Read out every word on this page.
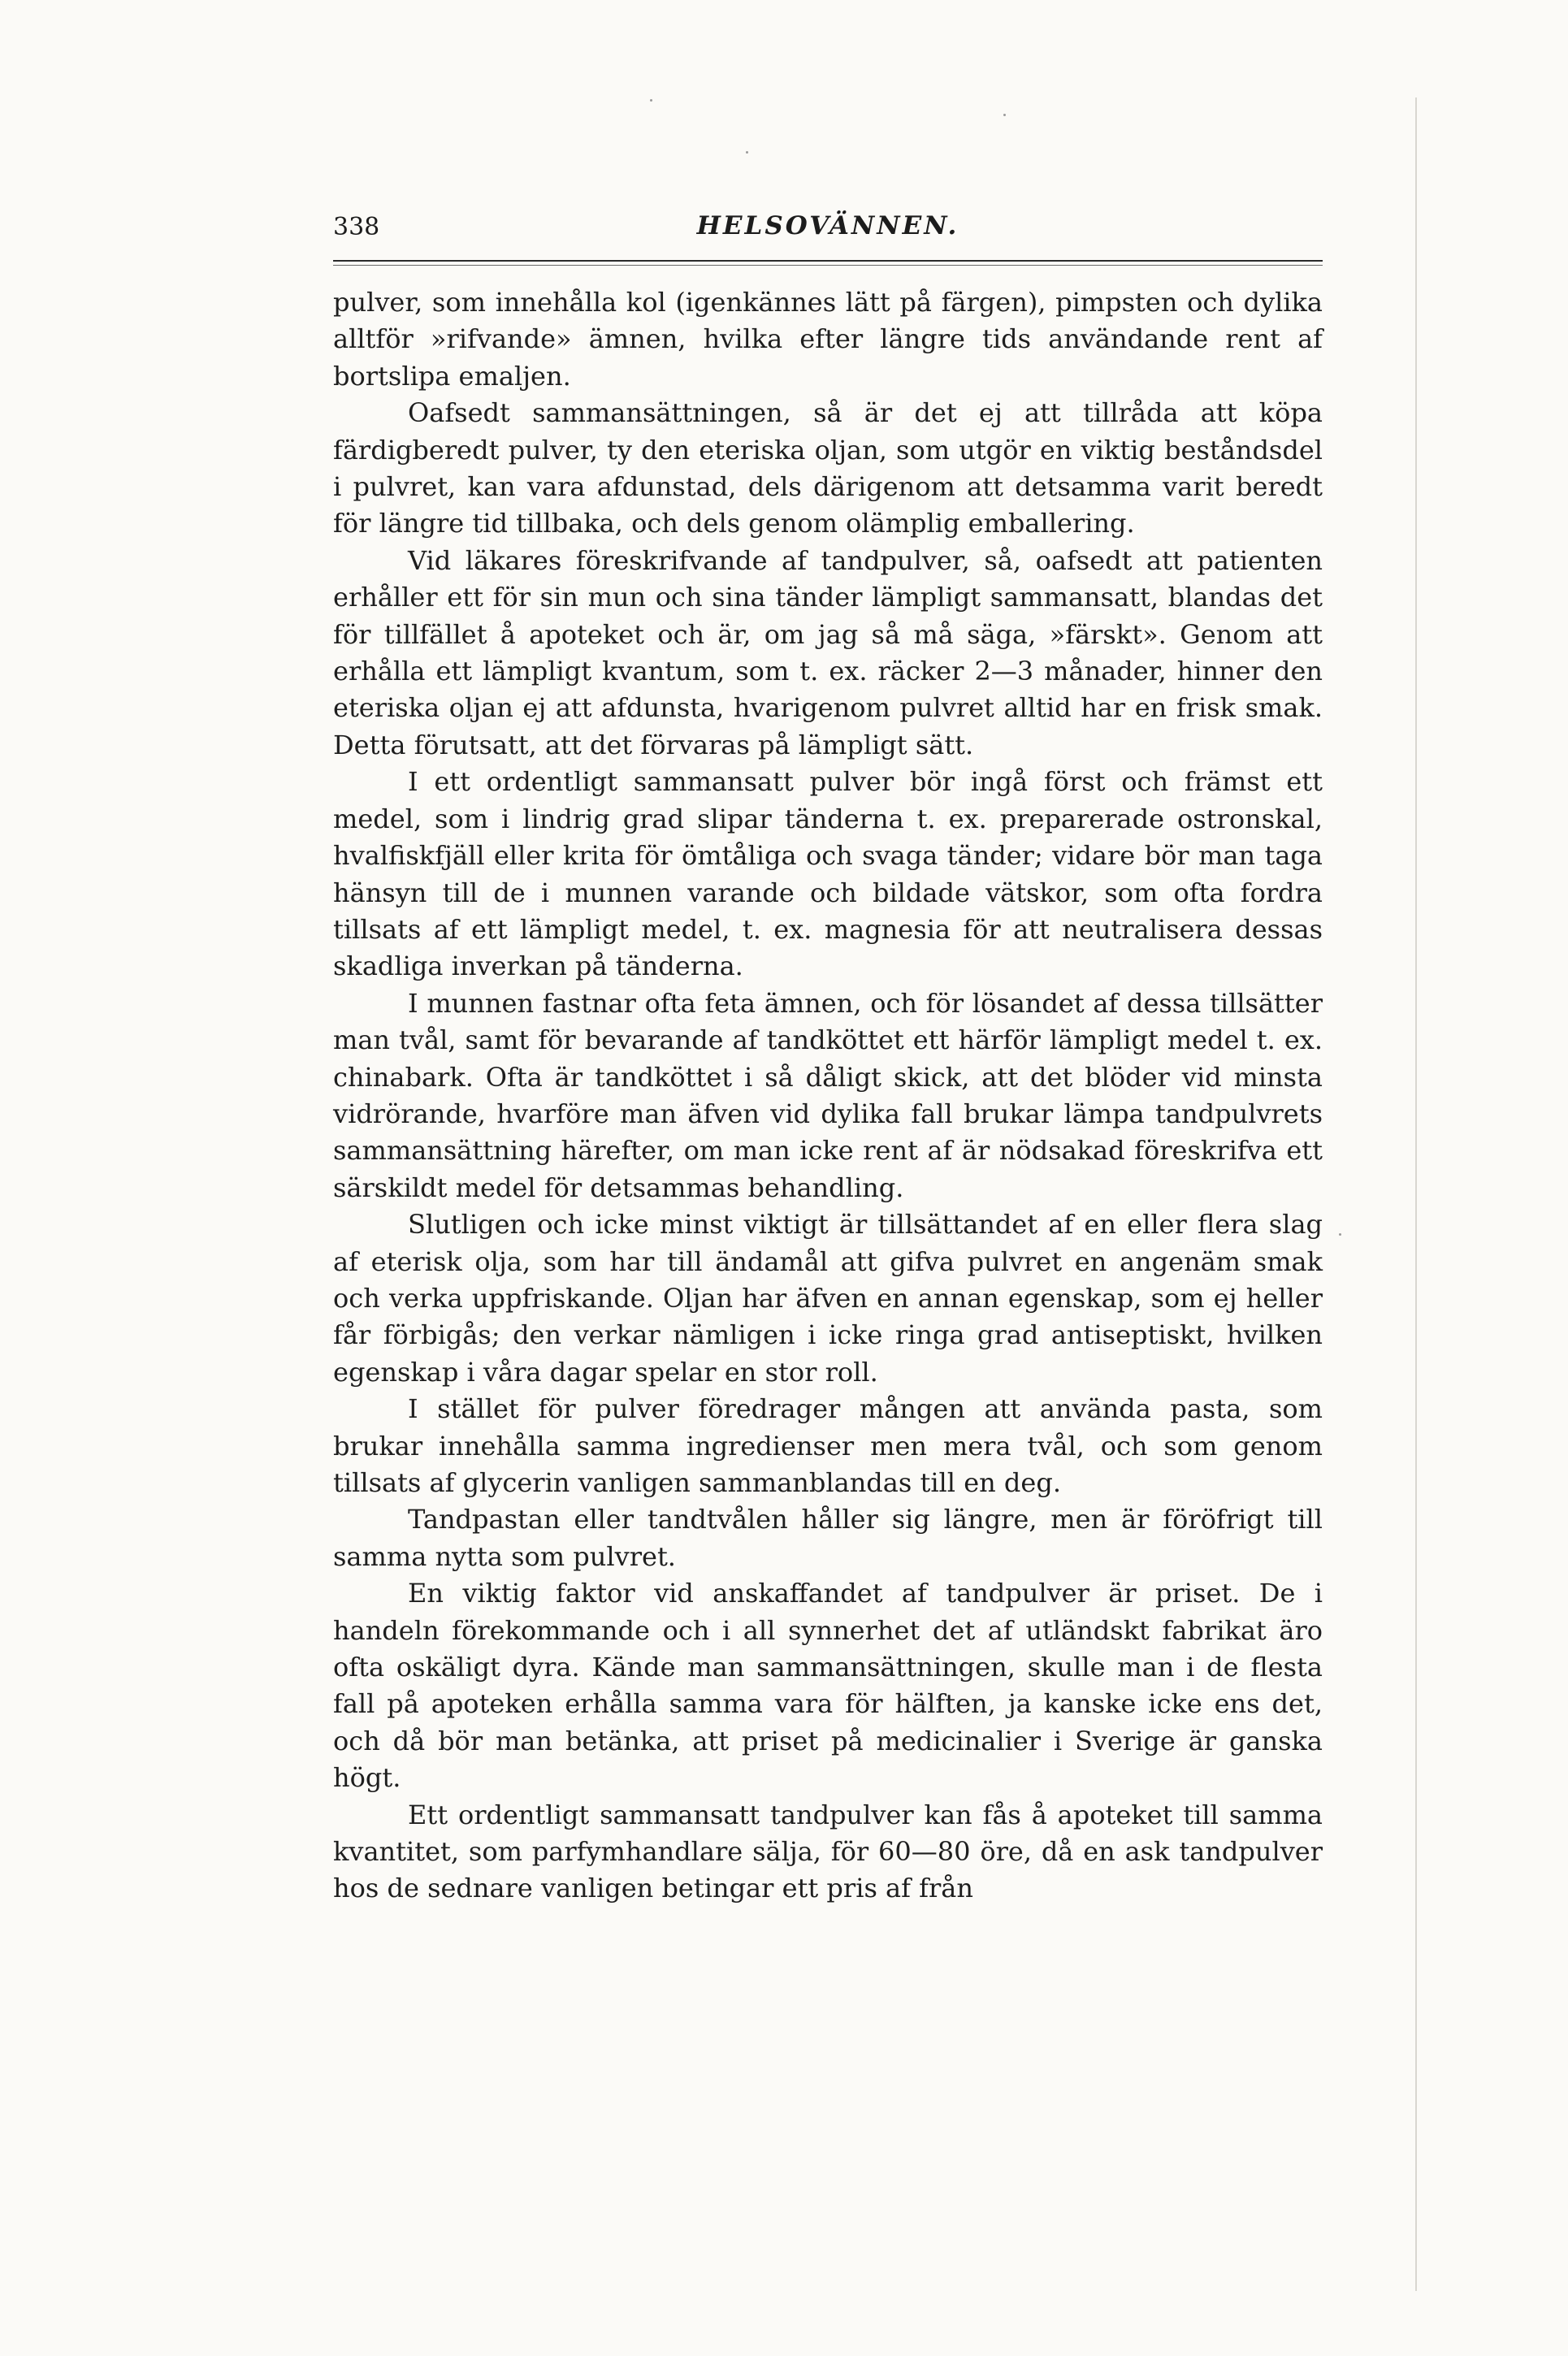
338	HELSOVÄNNEN.

pulver, som innehålla kol (igenkännes lätt på färgen), pimpsten och dylika alltför »rifvande» ämnen, hvilka efter längre tids användande rent af bortslipa emaljen.

Oafsedt sammansättningen, så är det ej att tillråda att köpa färdigberedt pulver, ty den eteriska oljan, som utgör en viktig beståndsdel i pulvret, kan vara afdunstad, dels därigenom att detsamma varit beredt för längre tid tillbaka, och dels genom olämplig emballering.

Vid läkares föreskrifvande af tandpulver, så, oafsedt att patienten erhåller ett för sin mun och sina tänder lämpligt sammansatt, blandas det för tillfället å apoteket och är, om jag så må säga, »färskt». Genom att erhålla ett lämpligt kvantum, som t. ex. räcker 2—3 månader, hinner den eteriska oljan ej att afdunsta, hvarigenom pulvret alltid har en frisk smak. Detta förutsatt, att det förvaras på lämpligt sätt.

I ett ordentligt sammansatt pulver bör ingå först och främst ett medel, som i lindrig grad slipar tänderna t. ex. preparerade ostronskal, hvalfiskfjäll eller krita för ömtåliga och svaga tänder; vidare bör man taga hänsyn till de i munnen varande och bildade vätskor, som ofta fordra tillsats af ett lämpligt medel, t. ex. magnesia för att neutralisera dessas skadliga inverkan på tänderna.

I munnen fastnar ofta feta ämnen, och för lösandet af dessa tillsätter man tvål, samt för bevarande af tandköttet ett härför lämpligt medel t. ex. chinabark. Ofta är tandköttet i så dåligt skick, att det blöder vid minsta vidrörande, hvarföre man äfven vid dylika fall brukar lämpa tandpulvrets sammansättning härefter, om man icke rent af är nödsakad föreskrifva ett särskildt medel för detsammas behandling.

Slutligen och icke minst viktigt är tillsättandet af en eller flera slag af eterisk olja, som har till ändamål att gifva pulvret en angenäm smak och verka uppfriskande. Oljan har äfven en annan egenskap, som ej heller får förbigås; den verkar nämligen i icke ringa grad antiseptiskt, hvilken egenskap i våra dagar spelar en stor roll.

I stället för pulver föredrager mången att använda pasta, som brukar innehålla samma ingredienser men mera tvål, och som genom tillsats af glycerin vanligen sammanblandas till en deg.

Tandpastan eller tandtvålen håller sig längre, men är föröfrigt till samma nytta som pulvret.

En viktig faktor vid anskaffandet af tandpulver är priset. De i handeln förekommande och i all synnerhet det af utländskt fabrikat äro ofta oskäligt dyra. Kände man sammansättningen, skulle man i de flesta fall på apoteken erhålla samma vara för hälften, ja kanske icke ens det, och då bör man betänka, att priset på medicinalier i Sverige är ganska högt.

Ett ordentligt sammansatt tandpulver kan fås å apoteket till samma kvantitet, som parfymhandlare sälja, för 60—80 öre, då en ask tandpulver hos de sednare vanligen betingar ett pris af från
